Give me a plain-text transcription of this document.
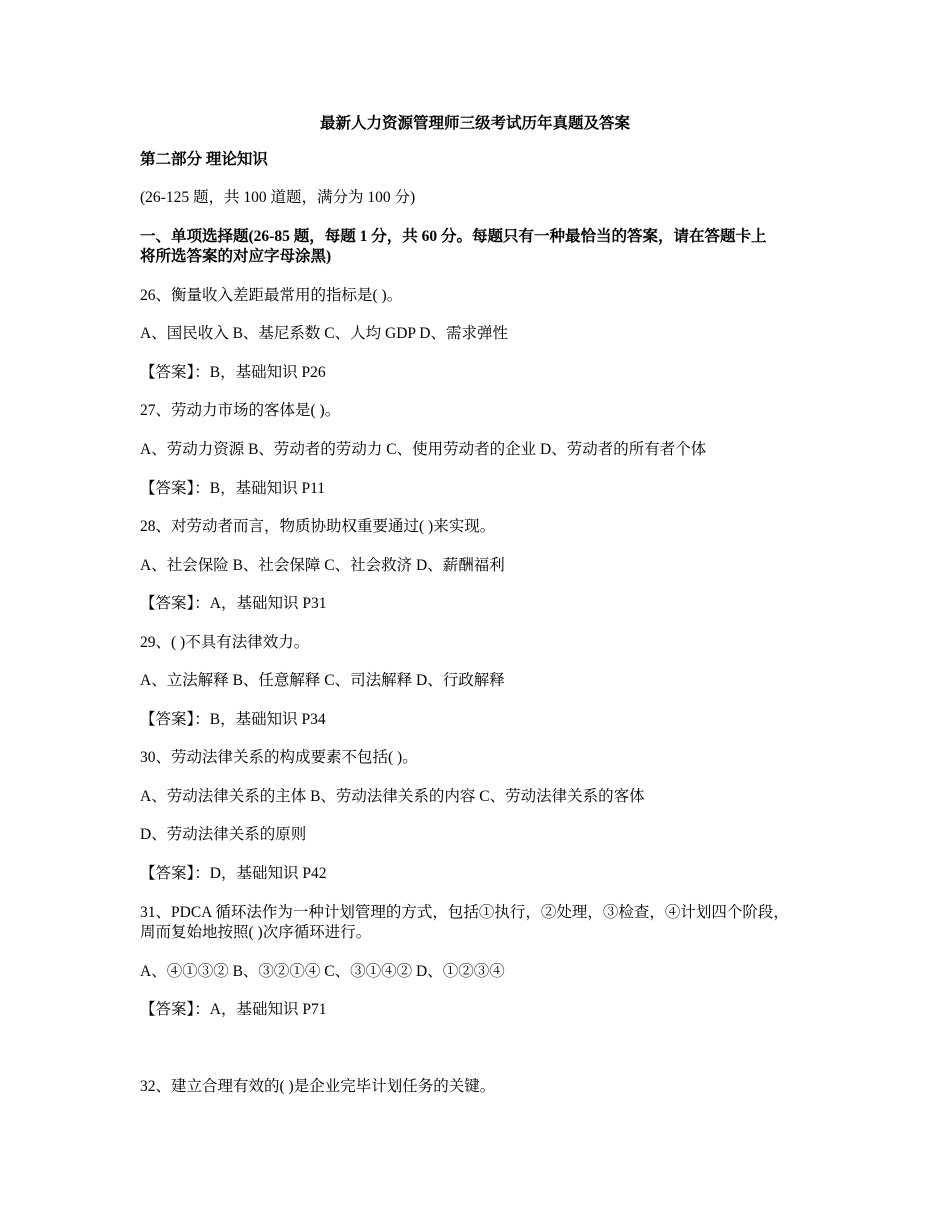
最新人力资源管理师三级考试历年真题及答案
第二部分 理论知识
(26-125 题，共 100 道题，满分为 100 分)
一、单项选择题(26-85 题，每题 1 分，共 60 分。每题只有一种最恰当的答案，请在答题卡上
将所选答案的对应字母涂黑)
26、衡量收入差距最常用的指标是( )。
A、国民收入 B、基尼系数 C、人均 GDP D、需求弹性
【答案】：B，基础知识 P26
27、劳动力市场的客体是( )。
A、劳动力资源 B、劳动者的劳动力 C、使用劳动者的企业 D、劳动者的所有者个体
【答案】：B，基础知识 P11
28、对劳动者而言，物质协助权重要通过( )来实现。
A、社会保险 B、社会保障 C、社会救济 D、薪酬福利
【答案】：A，基础知识 P31
29、( )不具有法律效力。
A、立法解释 B、任意解释 C、司法解释 D、行政解释
【答案】：B，基础知识 P34
30、劳动法律关系的构成要素不包括( )。
A、劳动法律关系的主体 B、劳动法律关系的内容 C、劳动法律关系的客体
D、劳动法律关系的原则
【答案】：D，基础知识 P42
31、PDCA 循环法作为一种计划管理的方式，包括①执行，②处理，③检查，④计划四个阶段，
周而复始地按照( )次序循环进行。
A、④①③② B、③②①④ C、③①④② D、①②③④
【答案】：A，基础知识 P71
32、建立合理有效的( )是企业完毕计划任务的关键。
